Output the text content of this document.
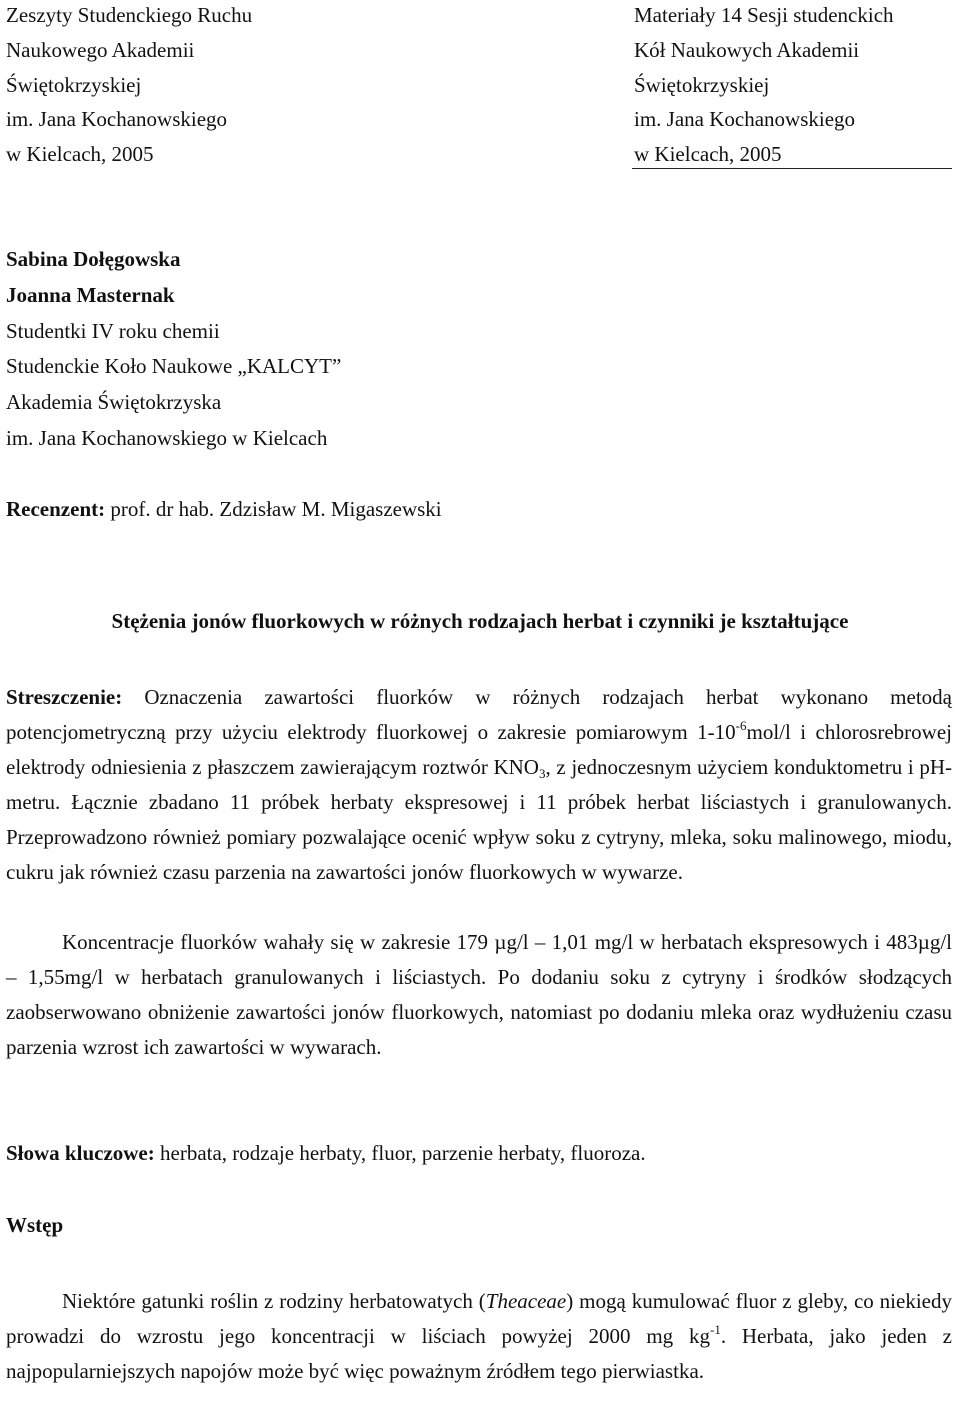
Zeszyty Studenckiego Ruchu
Naukowego Akademii
Świętokrzyskiej
im. Jana Kochanowskiego
w Kielcach, 2005
Materiały 14 Sesji studenckich
Kół Naukowych Akademii
Świętokrzyskiej
im. Jana Kochanowskiego
w Kielcach, 2005
Sabina Dołęgowska
Joanna Masternak
Studentki IV roku chemii
Studenckie Koło Naukowe „KALCYT”
Akademia Świętokrzyska
im. Jana Kochanowskiego w Kielcach
Recenzent: prof. dr hab. Zdzisław M. Migaszewski
Stężenia jonów fluorkowych w różnych rodzajach herbat i czynniki je kształtujące

Streszczenie: Oznaczenia zawartości fluorków w różnych rodzajach herbat wykonano metodą potencjometryczną przy użyciu elektrody fluorkowej o zakresie pomiarowym $1-10^{-6}mol/l$ i chlorosrebrowej elektrody odniesienia z płaszczem zawierającym roztwór $KNO_3$, z jednoczesnym użyciem konduktometru i pH-metru. Łącznie zbadano 11 próbek herbaty ekspresowej i 11 próbek herbat liściastych i granulowanych. Przeprowadzono również pomiary pozwalające ocenić wpływ soku z cytryny, mleka, soku malinowego, miodu, cukru jak również czasu parzenia na zawartości jonów fluorkowych w wywarze.

Koncentracje fluorków wahały się w zakresie 179 µg/l – 1,01 mg/l w herbatach ekspresowych i 483µg/l – 1,55mg/l w herbatach granulowanych i liściastych. Po dodaniu soku z cytryny i środków słodzących zaobserwowano obniżenie zawartości jonów fluorkowych, natomiast po dodaniu mleka oraz wydłużeniu czasu parzenia wzrost ich zawartości w wywarach.

Słowa kluczowe: herbata, rodzaje herbaty, fluor, parzenie herbaty, fluoroza.

Wstęp

Niektóre gatunki roślin z rodziny herbatowatych (Theaceae) mogą kumulować fluor z gleby, co niekiedy prowadzi do wzrostu jego koncentracji w liściach powyżej 2000 mg $kg^{-1}$. Herbata, jako jeden z najpopularniejszych napojów może być więc poważnym źródłem tego pierwiastka.
